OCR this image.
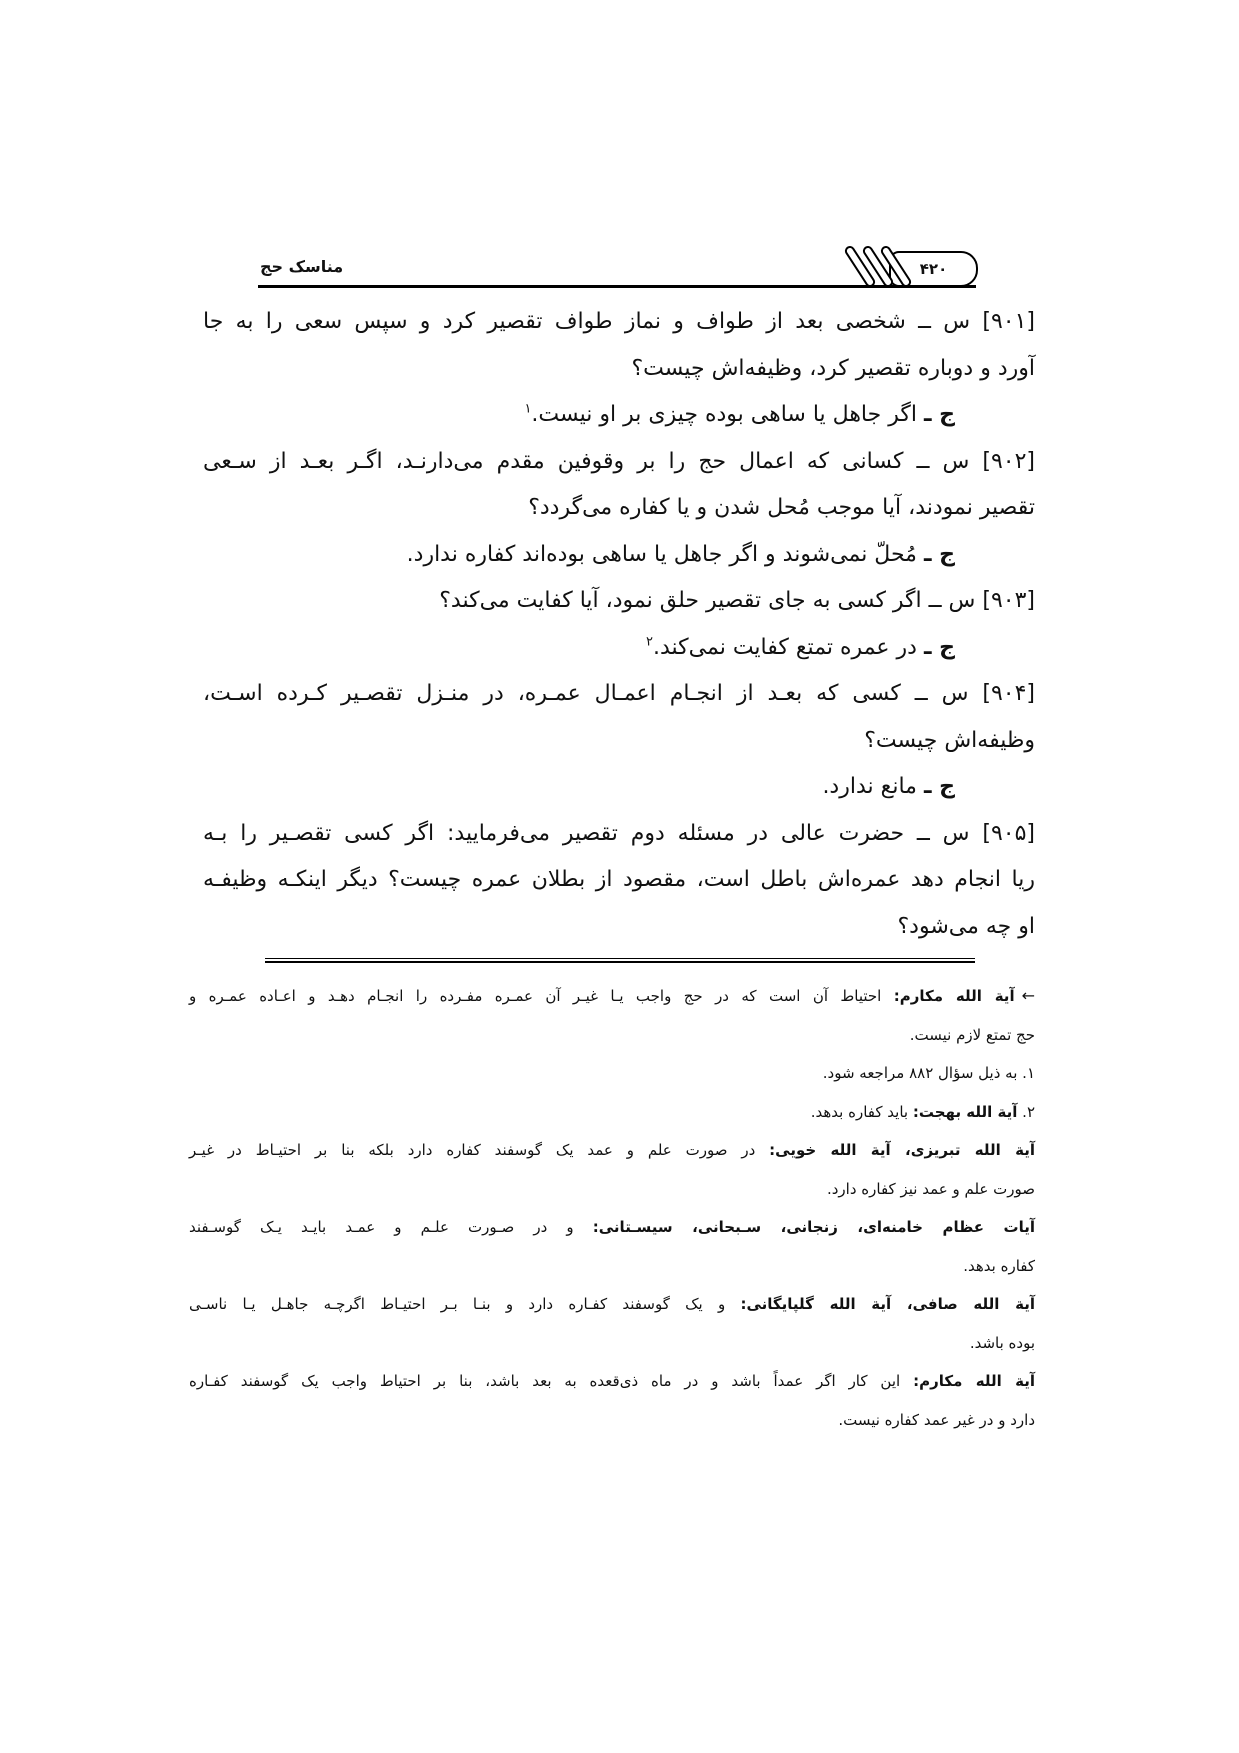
مناسک حج	۴۲۰

[۹۰۱] س ــ شخصی بعد از طواف و نماز طواف تقصیر کرد و سپس سعی را به جا

آورد و دوباره تقصیر کرد، وظیفه‌اش چیست؟

ج ـ اگر جاهل یا ساهی بوده چیزی بر او نیست.$^۱$

[۹۰۲] س ــ کسانی که اعمال حج را بر وقوفین مقدم می‌دارنـد، اگـر بعـد از سـعی

تقصیر نمودند، آیا موجب مُحل شدن و یا کفاره می‌گردد؟

ج ـ مُحلّ نمی‌شوند و اگر جاهل یا ساهی بوده‌اند کفاره ندارد.

[۹۰۳] س ــ اگر کسی به جای تقصیر حلق نمود، آیا کفایت می‌کند؟

ج ـ در عمره تمتع کفایت نمی‌کند.$^۲$

[۹۰۴] س ــ کسی که بعـد از انجـام اعمـال عمـره، در منـزل تقصـیر کـرده اسـت،

وظیفه‌اش چیست؟

ج ـ مانع ندارد.

[۹۰۵] س ــ حضرت عالی در مسئله دوم تقصیر می‌فرمایید: اگر کسی تقصـیر را بـه

ریا انجام دهد عمره‌اش باطل است، مقصود از بطلان عمره چیست؟ دیگر اینکـه وظیفـه

او چه می‌شود؟

←آیة الله مکارم: احتیاط آن است که در حج واجب یـا غیـر آن عمـره مفـرده را انجـام دهـد و اعـاده عمـره و

حج تمتع لازم نیست.

۱. به ذیل سؤال ۸۸۲ مراجعه شود.

۲. آیة الله بهجت: باید کفاره بدهد.

آیة الله تبریزی، آیة الله خویی: در صورت علم و عمد یک گوسفند کفاره دارد بلکه بنا بر احتیـاط در غیـر

صورت علم و عمد نیز کفاره دارد.

آیات عظام خامنه‌ای، زنجانی، سـبحانی، سیسـتانی: و در صـورت علـم و عمـد بایـد یـک گوسـفند

کفاره بدهد.

آیة الله صافی، آیة الله گلپایگانی: و یک گوسفند کفـاره دارد و بنـا بـر احتیـاط اگرچـه جاهـل یـا ناسـی

بوده باشد.

آیة الله مکارم: این کار اگر عمداً باشد و در ماه ذی‌قعده به بعد باشد، بنا بر احتیاط واجب یک گوسفند کفـاره

دارد و در غیر عمد کفاره نیست.
